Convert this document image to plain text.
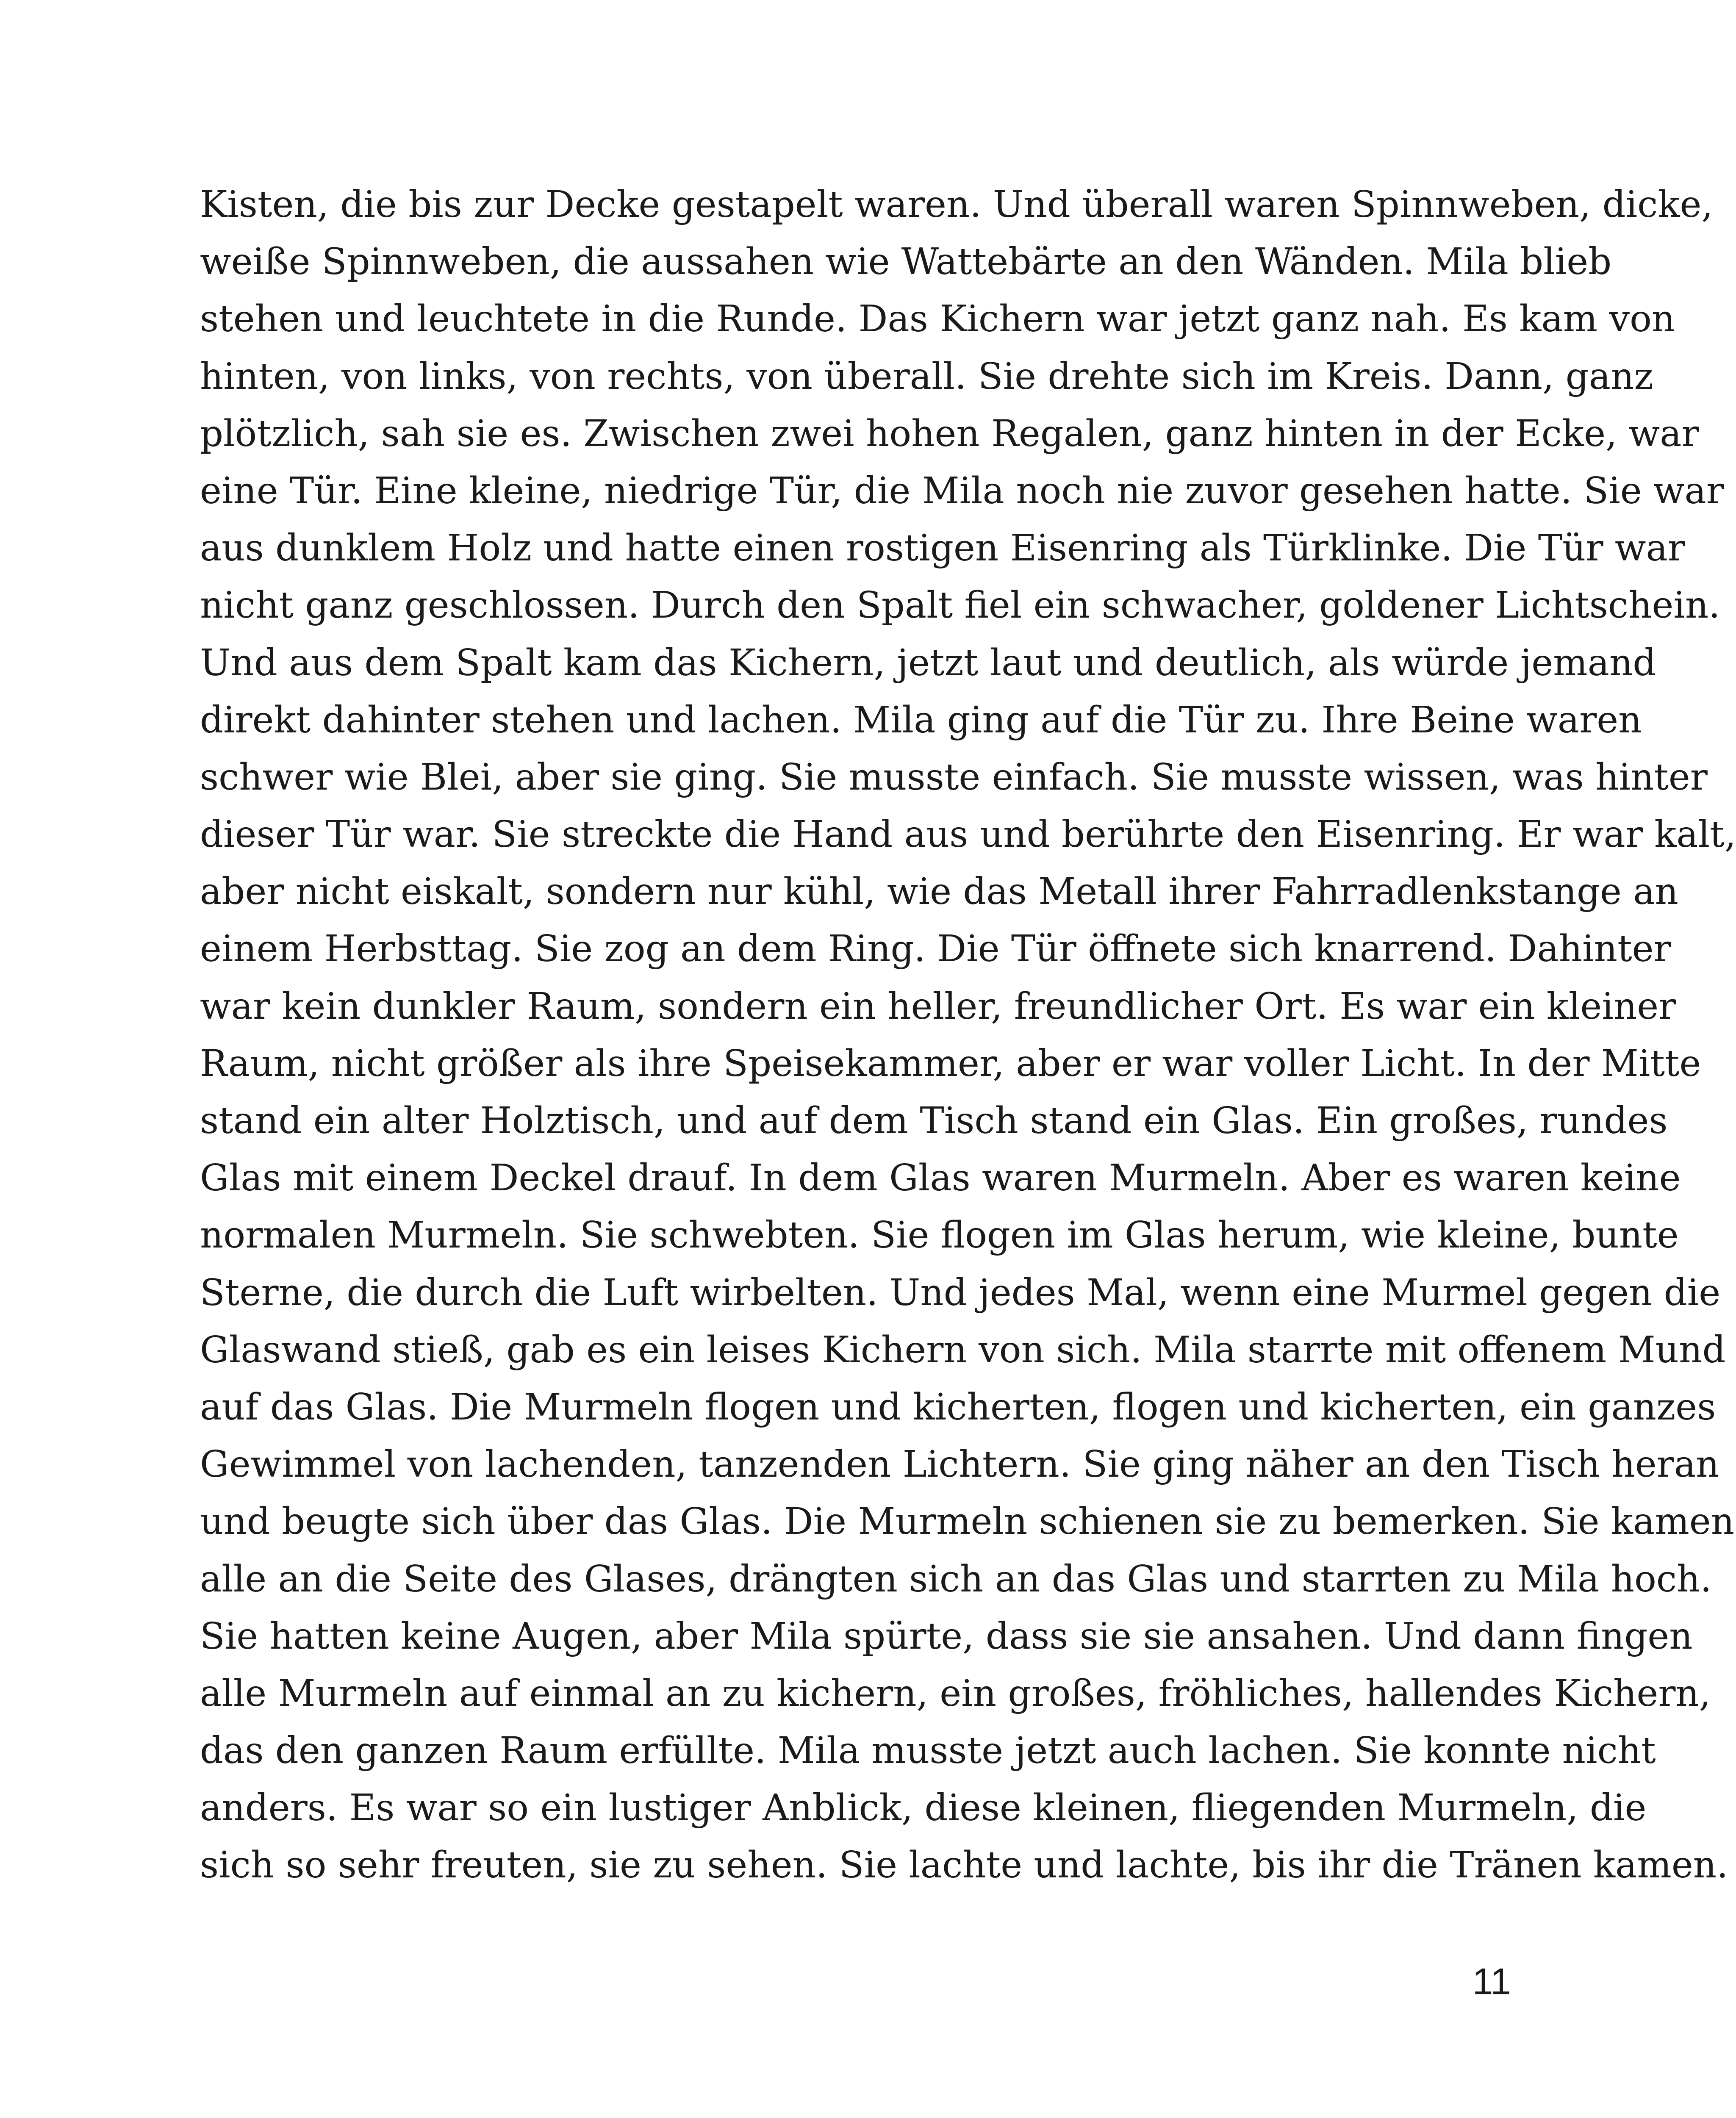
Kisten, die bis zur Decke gestapelt waren. Und überall waren Spinnweben, dicke,
weiße Spinnweben, die aussahen wie Wattebärte an den Wänden. Mila blieb
stehen und leuchtete in die Runde. Das Kichern war jetzt ganz nah. Es kam von
hinten, von links, von rechts, von überall. Sie drehte sich im Kreis. Dann, ganz
plötzlich, sah sie es. Zwischen zwei hohen Regalen, ganz hinten in der Ecke, war
eine Tür. Eine kleine, niedrige Tür, die Mila noch nie zuvor gesehen hatte. Sie war
aus dunklem Holz und hatte einen rostigen Eisenring als Türklinke. Die Tür war
nicht ganz geschlossen. Durch den Spalt fiel ein schwacher, goldener Lichtschein.
Und aus dem Spalt kam das Kichern, jetzt laut und deutlich, als würde jemand
direkt dahinter stehen und lachen. Mila ging auf die Tür zu. Ihre Beine waren
schwer wie Blei, aber sie ging. Sie musste einfach. Sie musste wissen, was hinter
dieser Tür war. Sie streckte die Hand aus und berührte den Eisenring. Er war kalt,
aber nicht eiskalt, sondern nur kühl, wie das Metall ihrer Fahrradlenkstange an
einem Herbsttag. Sie zog an dem Ring. Die Tür öffnete sich knarrend. Dahinter
war kein dunkler Raum, sondern ein heller, freundlicher Ort. Es war ein kleiner
Raum, nicht größer als ihre Speisekammer, aber er war voller Licht. In der Mitte
stand ein alter Holztisch, und auf dem Tisch stand ein Glas. Ein großes, rundes
Glas mit einem Deckel drauf. In dem Glas waren Murmeln. Aber es waren keine
normalen Murmeln. Sie schwebten. Sie flogen im Glas herum, wie kleine, bunte
Sterne, die durch die Luft wirbelten. Und jedes Mal, wenn eine Murmel gegen die
Glaswand stieß, gab es ein leises Kichern von sich. Mila starrte mit offenem Mund
auf das Glas. Die Murmeln flogen und kicherten, flogen und kicherten, ein ganzes
Gewimmel von lachenden, tanzenden Lichtern. Sie ging näher an den Tisch heran
und beugte sich über das Glas. Die Murmeln schienen sie zu bemerken. Sie kamen
alle an die Seite des Glases, drängten sich an das Glas und starrten zu Mila hoch.
Sie hatten keine Augen, aber Mila spürte, dass sie sie ansahen. Und dann fingen
alle Murmeln auf einmal an zu kichern, ein großes, fröhliches, hallendes Kichern,
das den ganzen Raum erfüllte. Mila musste jetzt auch lachen. Sie konnte nicht
anders. Es war so ein lustiger Anblick, diese kleinen, fliegenden Murmeln, die
sich so sehr freuten, sie zu sehen. Sie lachte und lachte, bis ihr die Tränen kamen.

11
